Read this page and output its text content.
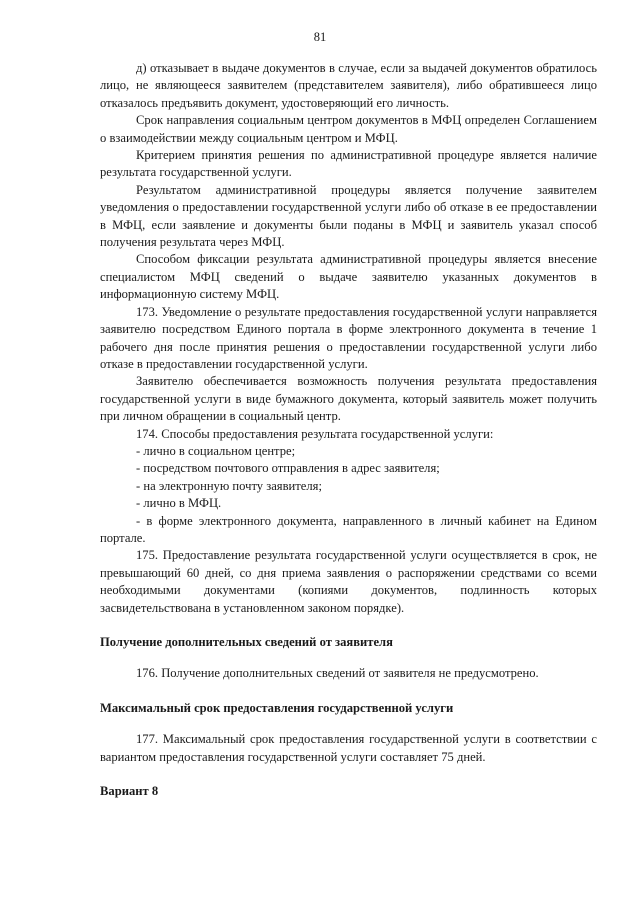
81

д) отказывает в выдаче документов в случае, если за выдачей документов обратилось лицо, не являющееся заявителем (представителем заявителя), либо обратившееся лицо отказалось предъявить документ, удостоверяющий его личность.

Срок направления социальным центром документов в МФЦ определен Соглашением о взаимодействии между социальным центром и МФЦ.

Критерием принятия решения по административной процедуре является наличие результата государственной услуги.

Результатом административной процедуры является получение заявителем уведомления о предоставлении государственной услуги либо об отказе в ее предоставлении в МФЦ, если заявление и документы были поданы в МФЦ и заявитель указал способ получения результата через МФЦ.

Способом фиксации результата административной процедуры является внесение специалистом МФЦ сведений о выдаче заявителю указанных документов в информационную систему МФЦ.

173. Уведомление о результате предоставления государственной услуги направляется заявителю посредством Единого портала в форме электронного документа в течение 1 рабочего дня после принятия решения о предоставлении государственной услуги либо отказе в предоставлении государственной услуги.

Заявителю обеспечивается возможность получения результата предоставления государственной услуги в виде бумажного документа, который заявитель может получить при личном обращении в социальный центр.

174. Способы предоставления результата государственной услуги:

- лично в социальном центре;

- посредством почтового отправления в адрес заявителя;

- на электронную почту заявителя;

- лично в МФЦ.

- в форме электронного документа, направленного в личный кабинет на Едином портале.

175. Предоставление результата государственной услуги осуществляется в срок, не превышающий 60 дней, со дня приема заявления о распоряжении средствами со всеми необходимыми документами (копиями документов, подлинность которых засвидетельствована в установленном законом порядке).

Получение дополнительных сведений от заявителя

176. Получение дополнительных сведений от заявителя не предусмотрено.

Максимальный срок предоставления государственной услуги

177. Максимальный срок предоставления государственной услуги в соответствии с вариантом предоставления государственной услуги составляет 75 дней.

Вариант 8
